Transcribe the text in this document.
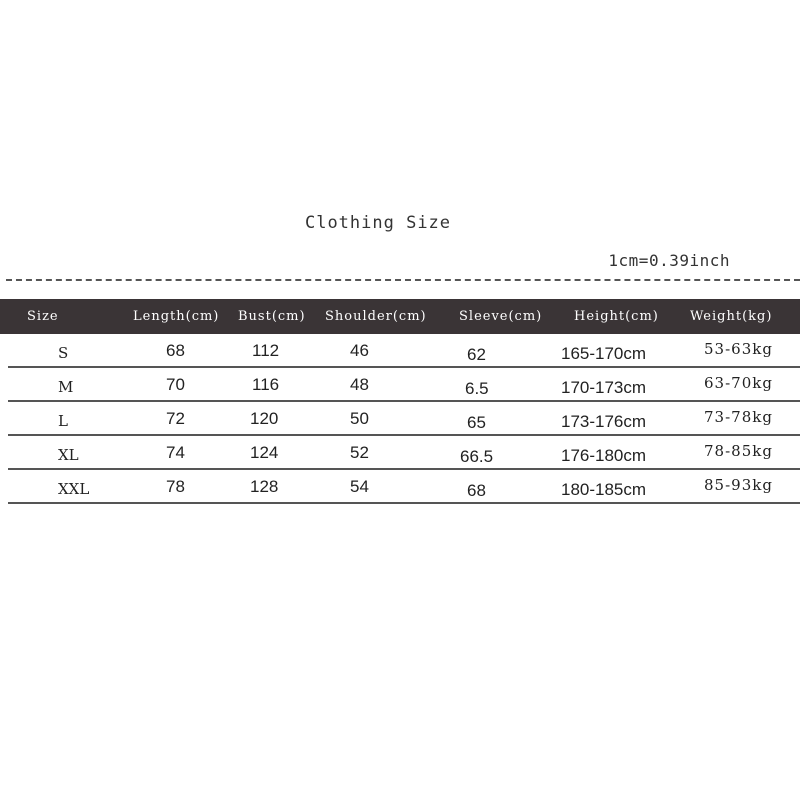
Clothing Size
1cm=0.39inch
Size	Length(cm) Bust(cm) Shoulder(cm) Sleeve(cm) Height(cm) Weight(kg)
S	68	112	46	62	165-170cm	53-63kg
M	70	116	48	6.5	170-173cm	63-70kg
L	72	120	50	65	173-176cm	73-78kg
XL	74	124	52	66.5	176-180cm	78-85kg
XXL	78	128	54	68	180-185cm	85-93kg
